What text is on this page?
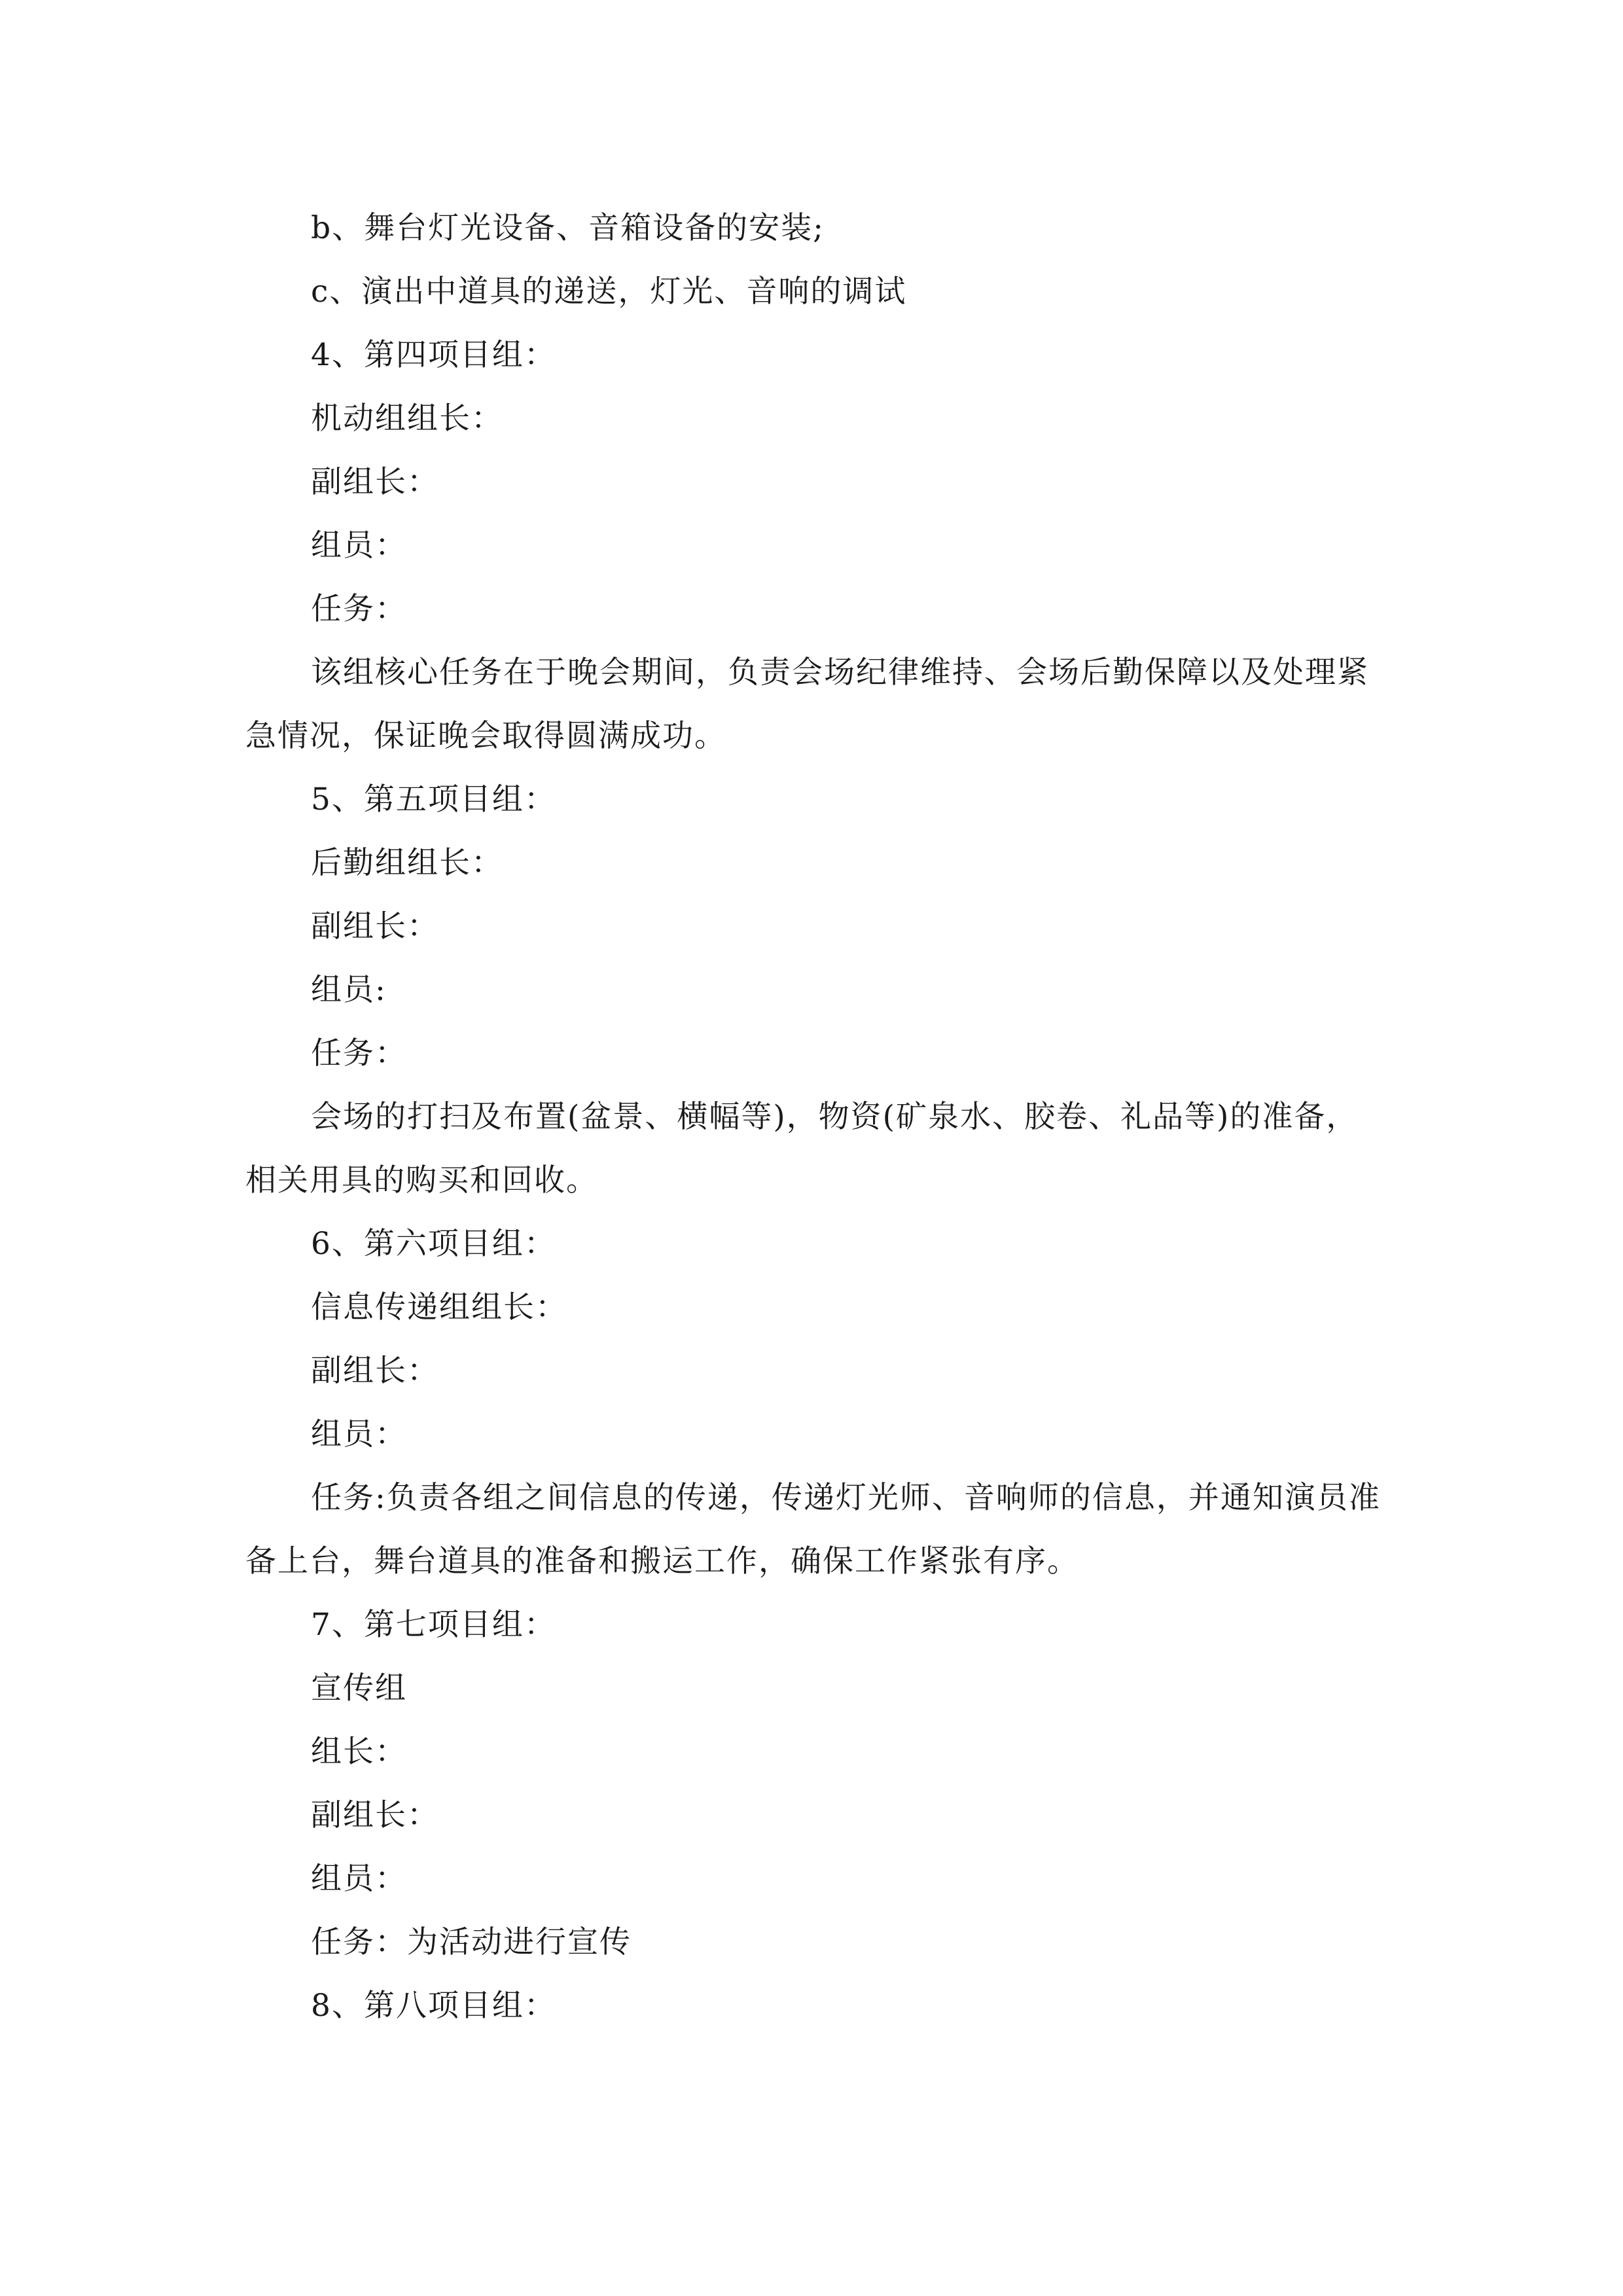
b、舞台灯光设备、音箱设备的安装;

c、演出中道具的递送，灯光、音响的调试

4、第四项目组：

机动组组长：

副组长：

组员：

任务：

该组核心任务在于晚会期间，负责会场纪律维持、会场后勤保障以及处理紧急情况，保证晚会取得圆满成功。

5、第五项目组：

后勤组组长：

副组长：

组员:

任务：

会场的打扫及布置(盆景、横幅等)，物资(矿泉水、胶卷、礼品等)的准备，相关用具的购买和回收。

6、第六项目组：

信息传递组组长：

副组长：

组员：

任务:负责各组之间信息的传递，传递灯光师、音响师的信息，并通知演员准备上台，舞台道具的准备和搬运工作，确保工作紧张有序。

7、第七项目组：

宣传组

组长：

副组长：

组员：

任务：为活动进行宣传

8、第八项目组：
